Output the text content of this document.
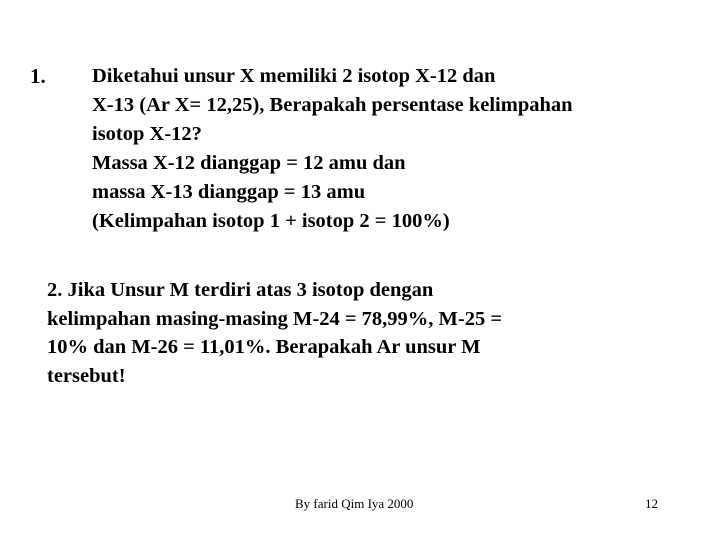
1. Diketahui unsur X memiliki 2 isotop X-12 dan
X-13 (Ar X= 12,25), Berapakah persentase kelimpahan
isotop X-12?
Massa X-12 dianggap = 12 amu dan
massa X-13 dianggap = 13 amu
(Kelimpahan isotop 1 + isotop 2 = 100%)
2. Jika Unsur M terdiri atas 3 isotop dengan
kelimpahan masing-masing M-24 = 78,99%, M-25 =
10% dan M-26 = 11,01%. Berapakah Ar unsur M
tersebut!
By farid Qim Iya 2000	12
